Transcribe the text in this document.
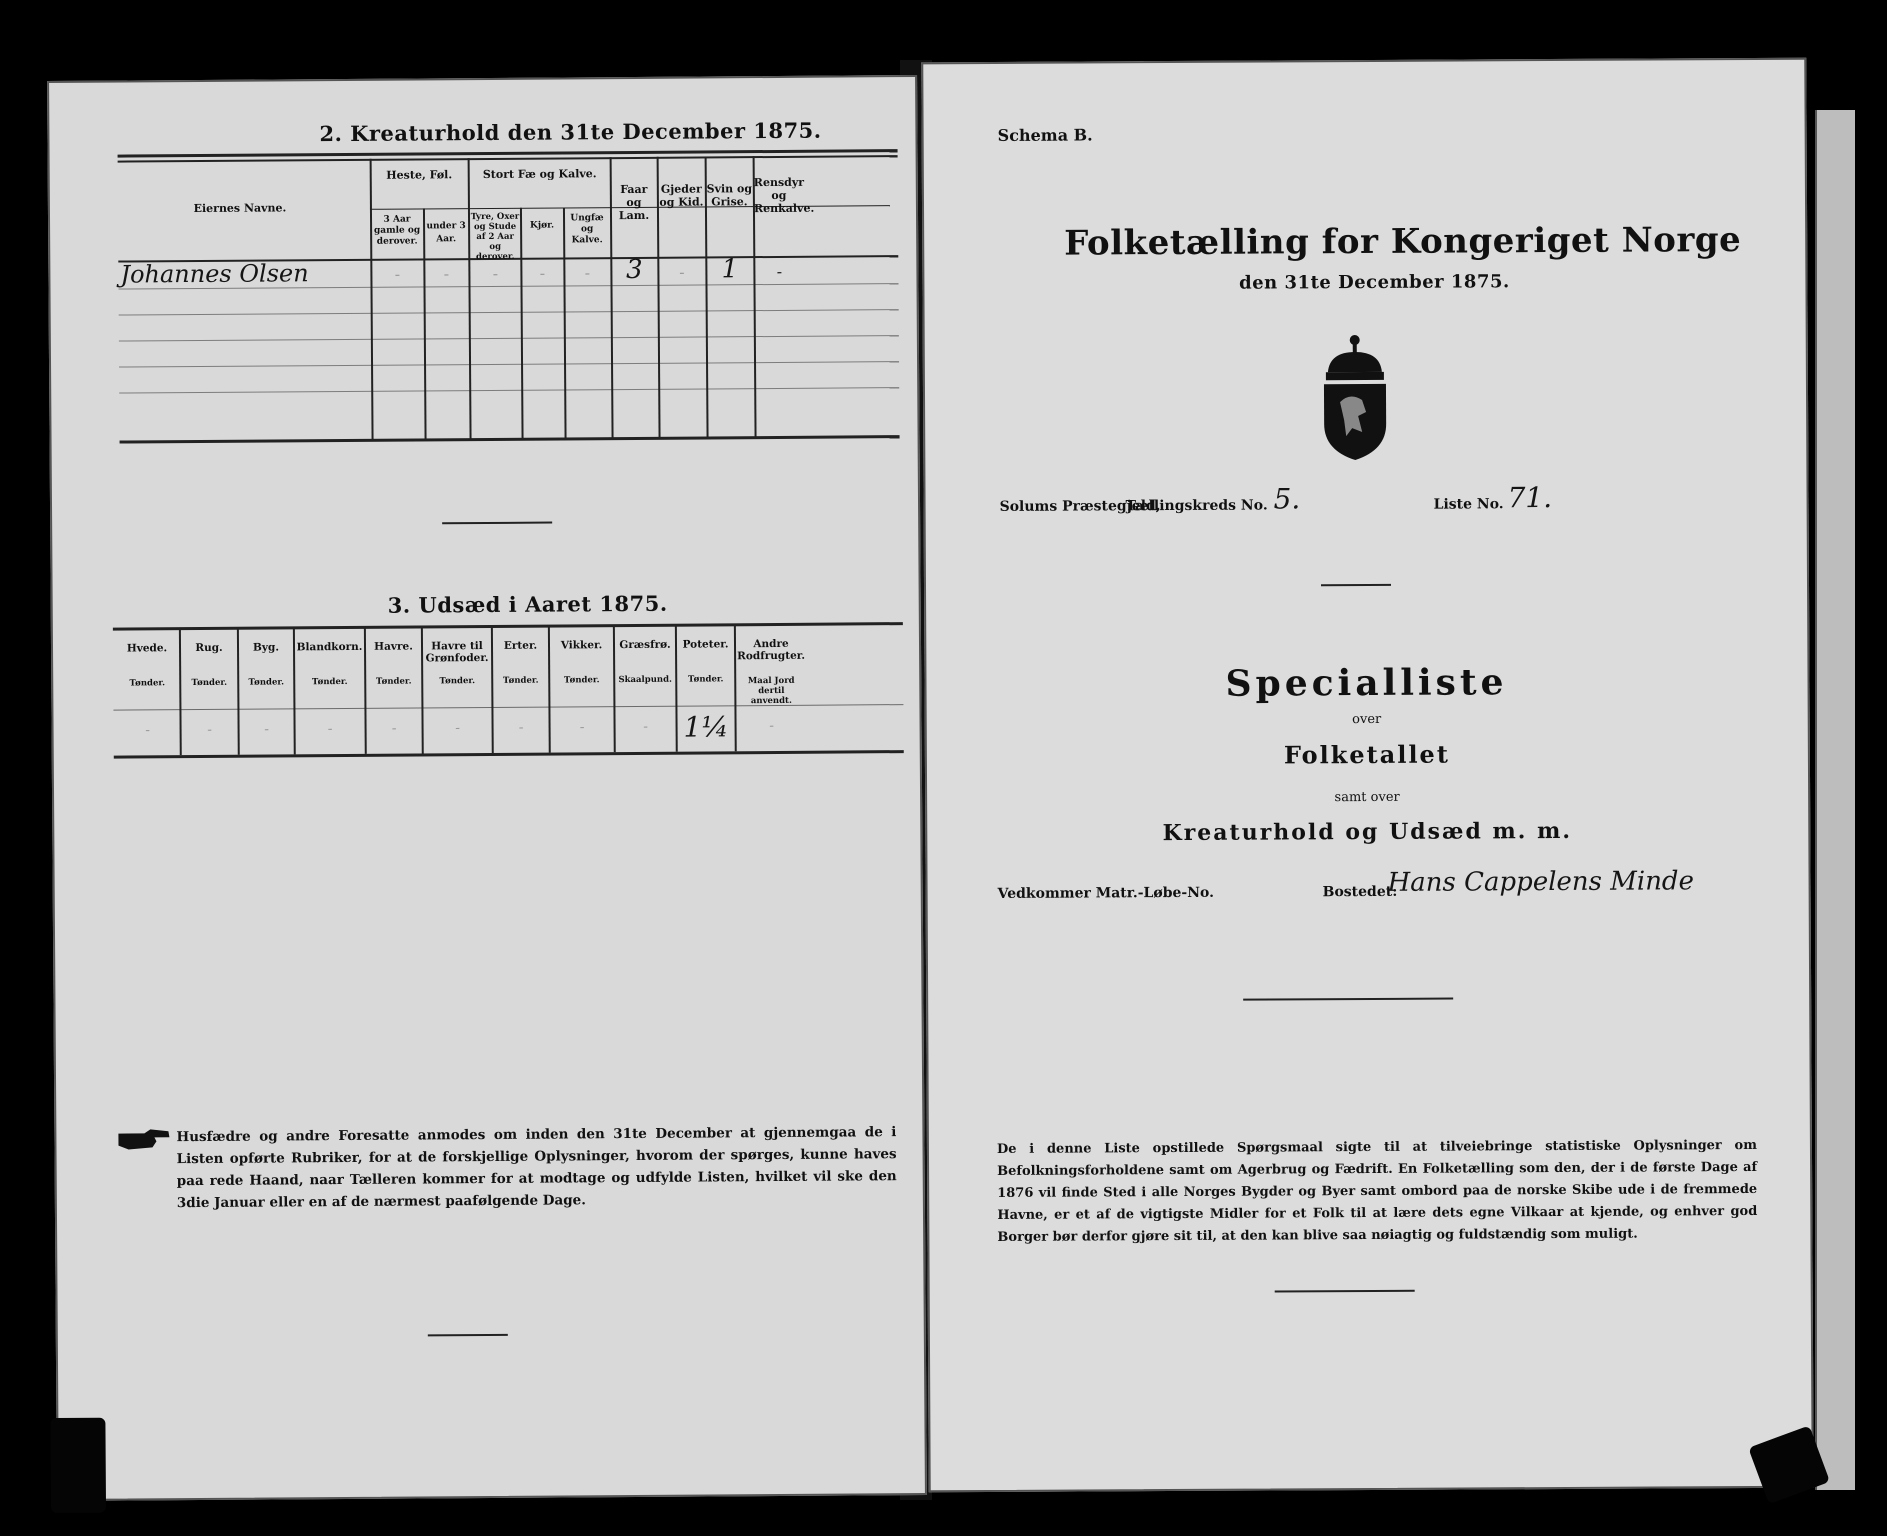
2. Kreaturhold den 31te December 1875.
Eiernes Navne.
Heste, Føl.
3 Aar gamle og derover.
under 3 Aar.
Stort Fæ og Kalve.
Tyre, Oxer og Stude af 2 Aar og derover.
Kjør.
Ungfæ og Kalve.
Faar og Lam.
Gjeder og Kid.
Svin og Grise.
Rensdyr og Renkalve.
Johannes Olsen	-	-	-	-	-	3	-	1	-
3. Udsæd i Aaret 1875.
Hvede.
Tønder.
Rug.
Tønder.
Byg.
Tønder.
Blandkorn.
Tønder.
Havre.
Tønder.
Havre til Grønfoder.
Tønder.
Erter.
Tønder.
Vikker.
Tønder.
Græsfrø.
Skaalpund.
Poteter.
Tønder.
Andre Rodfrugter.
Maal Jord dertil anvendt.
-	-	-	-	-	-	-	-	-	1¼	-
Husfædre og andre Foresatte anmodes om inden den 31te December at gjennemgaa de i Listen opførte Rubriker, for at de forskjellige Oplysninger, hvorom der spørges, kunne haves paa rede Haand, naar Tælleren kommer for at modtage og udfylde Listen, hvilket vil ske den 3die Januar eller en af de nærmest paafølgende Dage.
Schema B.
Folketælling for Kongeriget Norge
den 31te December 1875.
Solums Præstegjeld,
Tællingskreds No. 5.	Liste No. 71.
Specialliste
over
Folketallet
samt over
Kreaturhold og Udsæd m. m.
Vedkommer Matr.-Løbe-No.	Bostedet:
Hans Cappelens Minde
De i denne Liste opstillede Spørgsmaal sigte til at tilveiebringe statistiske Oplysninger om Befolkningsforholdene samt om Agerbrug og Fædrift. En Folketælling som den, der i de første Dage af 1876 vil finde Sted i alle Norges Bygder og Byer samt ombord paa de norske Skibe ude i de fremmede Havne, er et af de vigtigste Midler for et Folk til at lære dets egne Vilkaar at kjende, og enhver god Borger bør derfor gjøre sit til, at den kan blive saa nøiagtig og fuldstændig som muligt.
